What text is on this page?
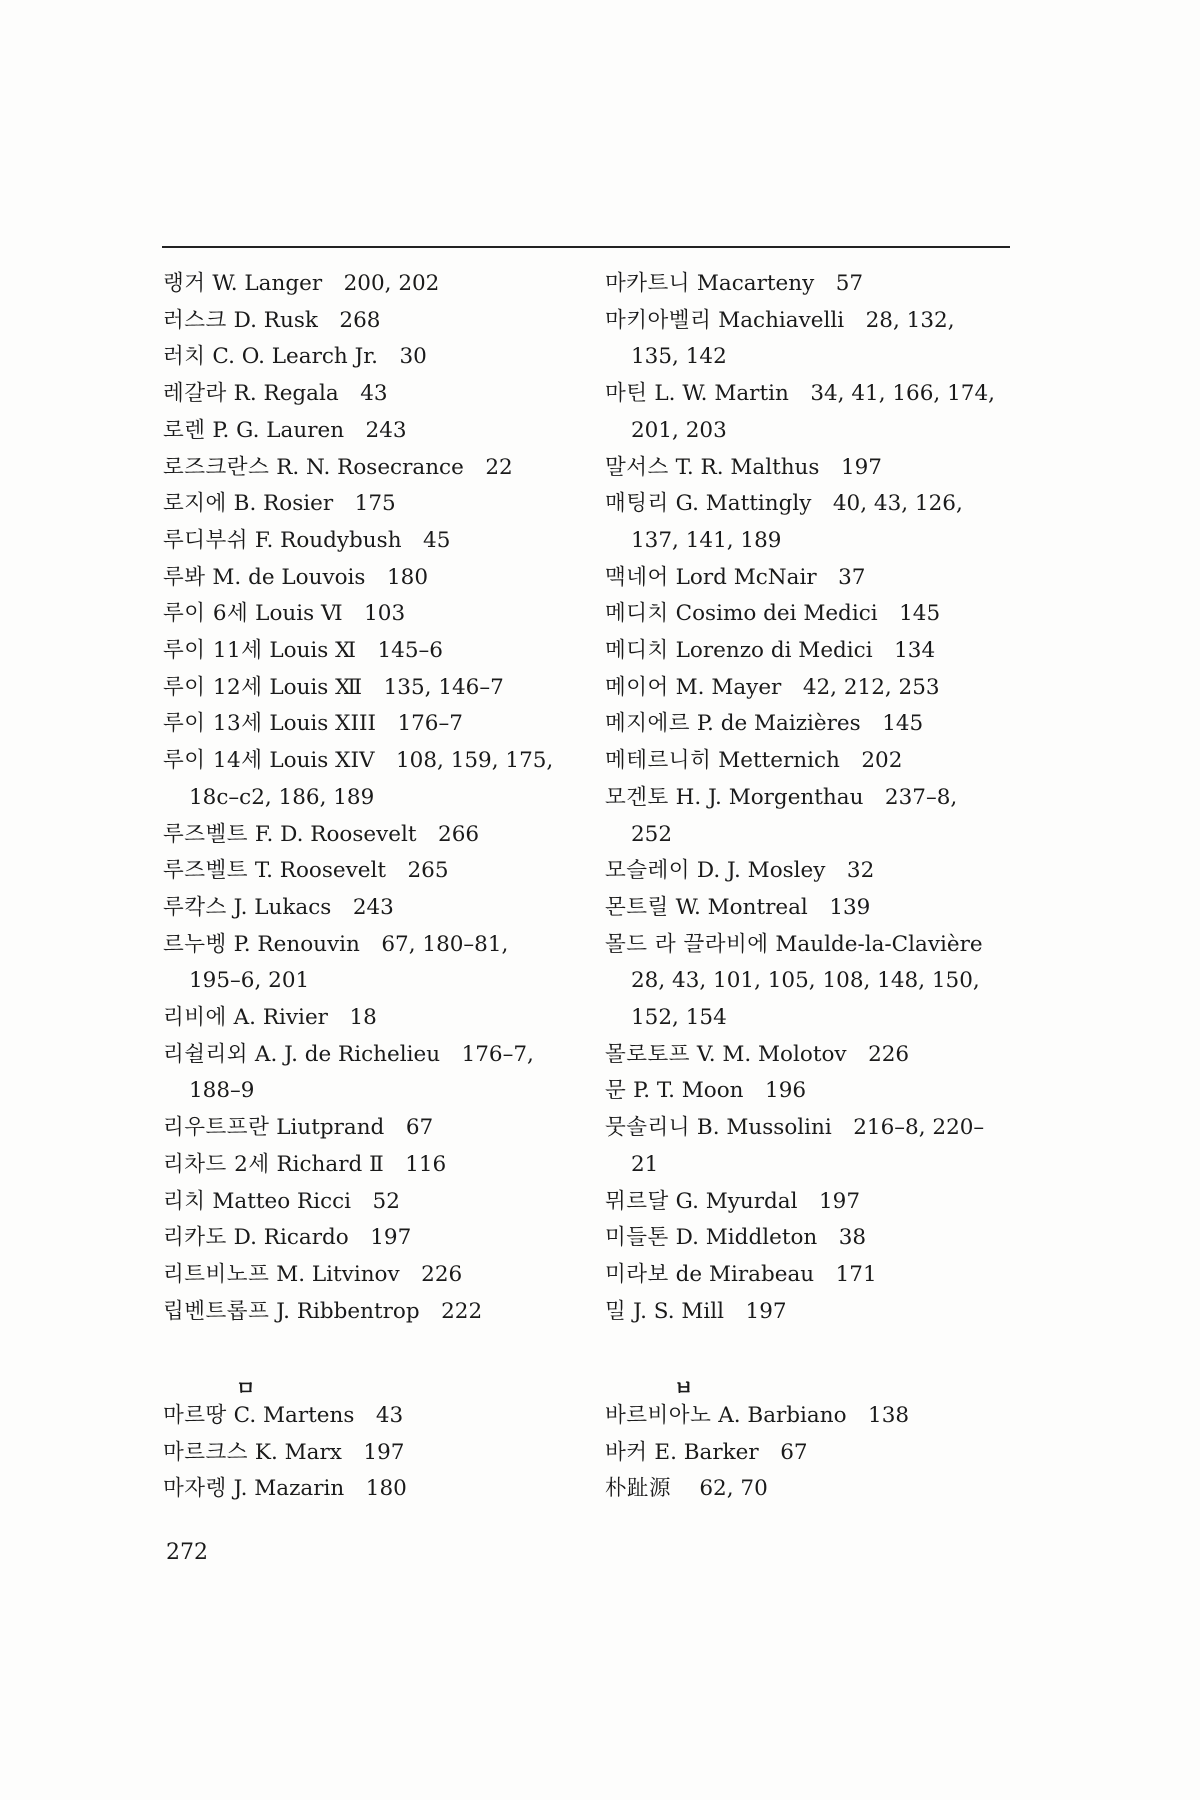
랭거 W. Langer   200, 202
러스크 D. Rusk   268
러치 C. O. Learch Jr.   30
레갈라 R. Regala   43
로렌 P. G. Lauren   243
로즈크란스 R. N. Rosecrance   22
로지에 B. Rosier   175
루디부쉬 F. Roudybush   45
루봐 M. de Louvois   180
루이 6세 Louis Ⅵ   103
루이 11세 Louis Ⅺ   145–6
루이 12세 Louis Ⅻ   135, 146–7
루이 13세 Louis XIII   176–7
루이 14세 Louis XIV   108, 159, 175, 18c–c2, 186, 189
루즈벨트 F. D. Roosevelt   266
루즈벨트 T. Roosevelt   265
루칵스 J. Lukacs   243
르누벵 P. Renouvin   67, 180–81, 195–6, 201
리비에 A. Rivier   18
리쉴리외 A. J. de Richelieu   176–7, 188–9
리우트프란 Liutprand   67
리차드 2세 Richard Ⅱ   116
리치 Matteo Ricci   52
리카도 D. Ricardo   197
리트비노프 M. Litvinov   226
립벤트롭프 J. Ribbentrop   222
마카트니 Macarteny   57
마키아벨리 Machiavelli   28, 132, 135, 142
마틴 L. W. Martin   34, 41, 166, 174, 201, 203
말서스 T. R. Malthus   197
매팅리 G. Mattingly   40, 43, 126, 137, 141, 189
맥네어 Lord McNair   37
메디치 Cosimo dei Medici   145
메디치 Lorenzo di Medici   134
메이어 M. Mayer   42, 212, 253
메지에르 P. de Maizières   145
메테르니히 Metternich   202
모겐토 H. J. Morgenthau   237–8, 252
모슬레이 D. J. Mosley   32
몬트릴 W. Montreal   139
몰드 라 끌라비에 Maulde-la-Clavière  28, 43, 101, 105, 108, 148, 150, 152, 154
몰로토프 V. M. Molotov   226
문 P. T. Moon   196
뭇솔리니 B. Mussolini   216–8, 220–21
뮈르달 G. Myurdal   197
미들톤 D. Middleton   38
미라보 de Mirabeau   171
밀 J. S. Mill   197
ㅁ	ㅂ
마르땅 C. Martens   43
마르크스 K. Marx   197
마자렝 J. Mazarin   180
바르비아노 A. Barbiano   138
바커 E. Barker   67
朴趾源    62, 70
272
